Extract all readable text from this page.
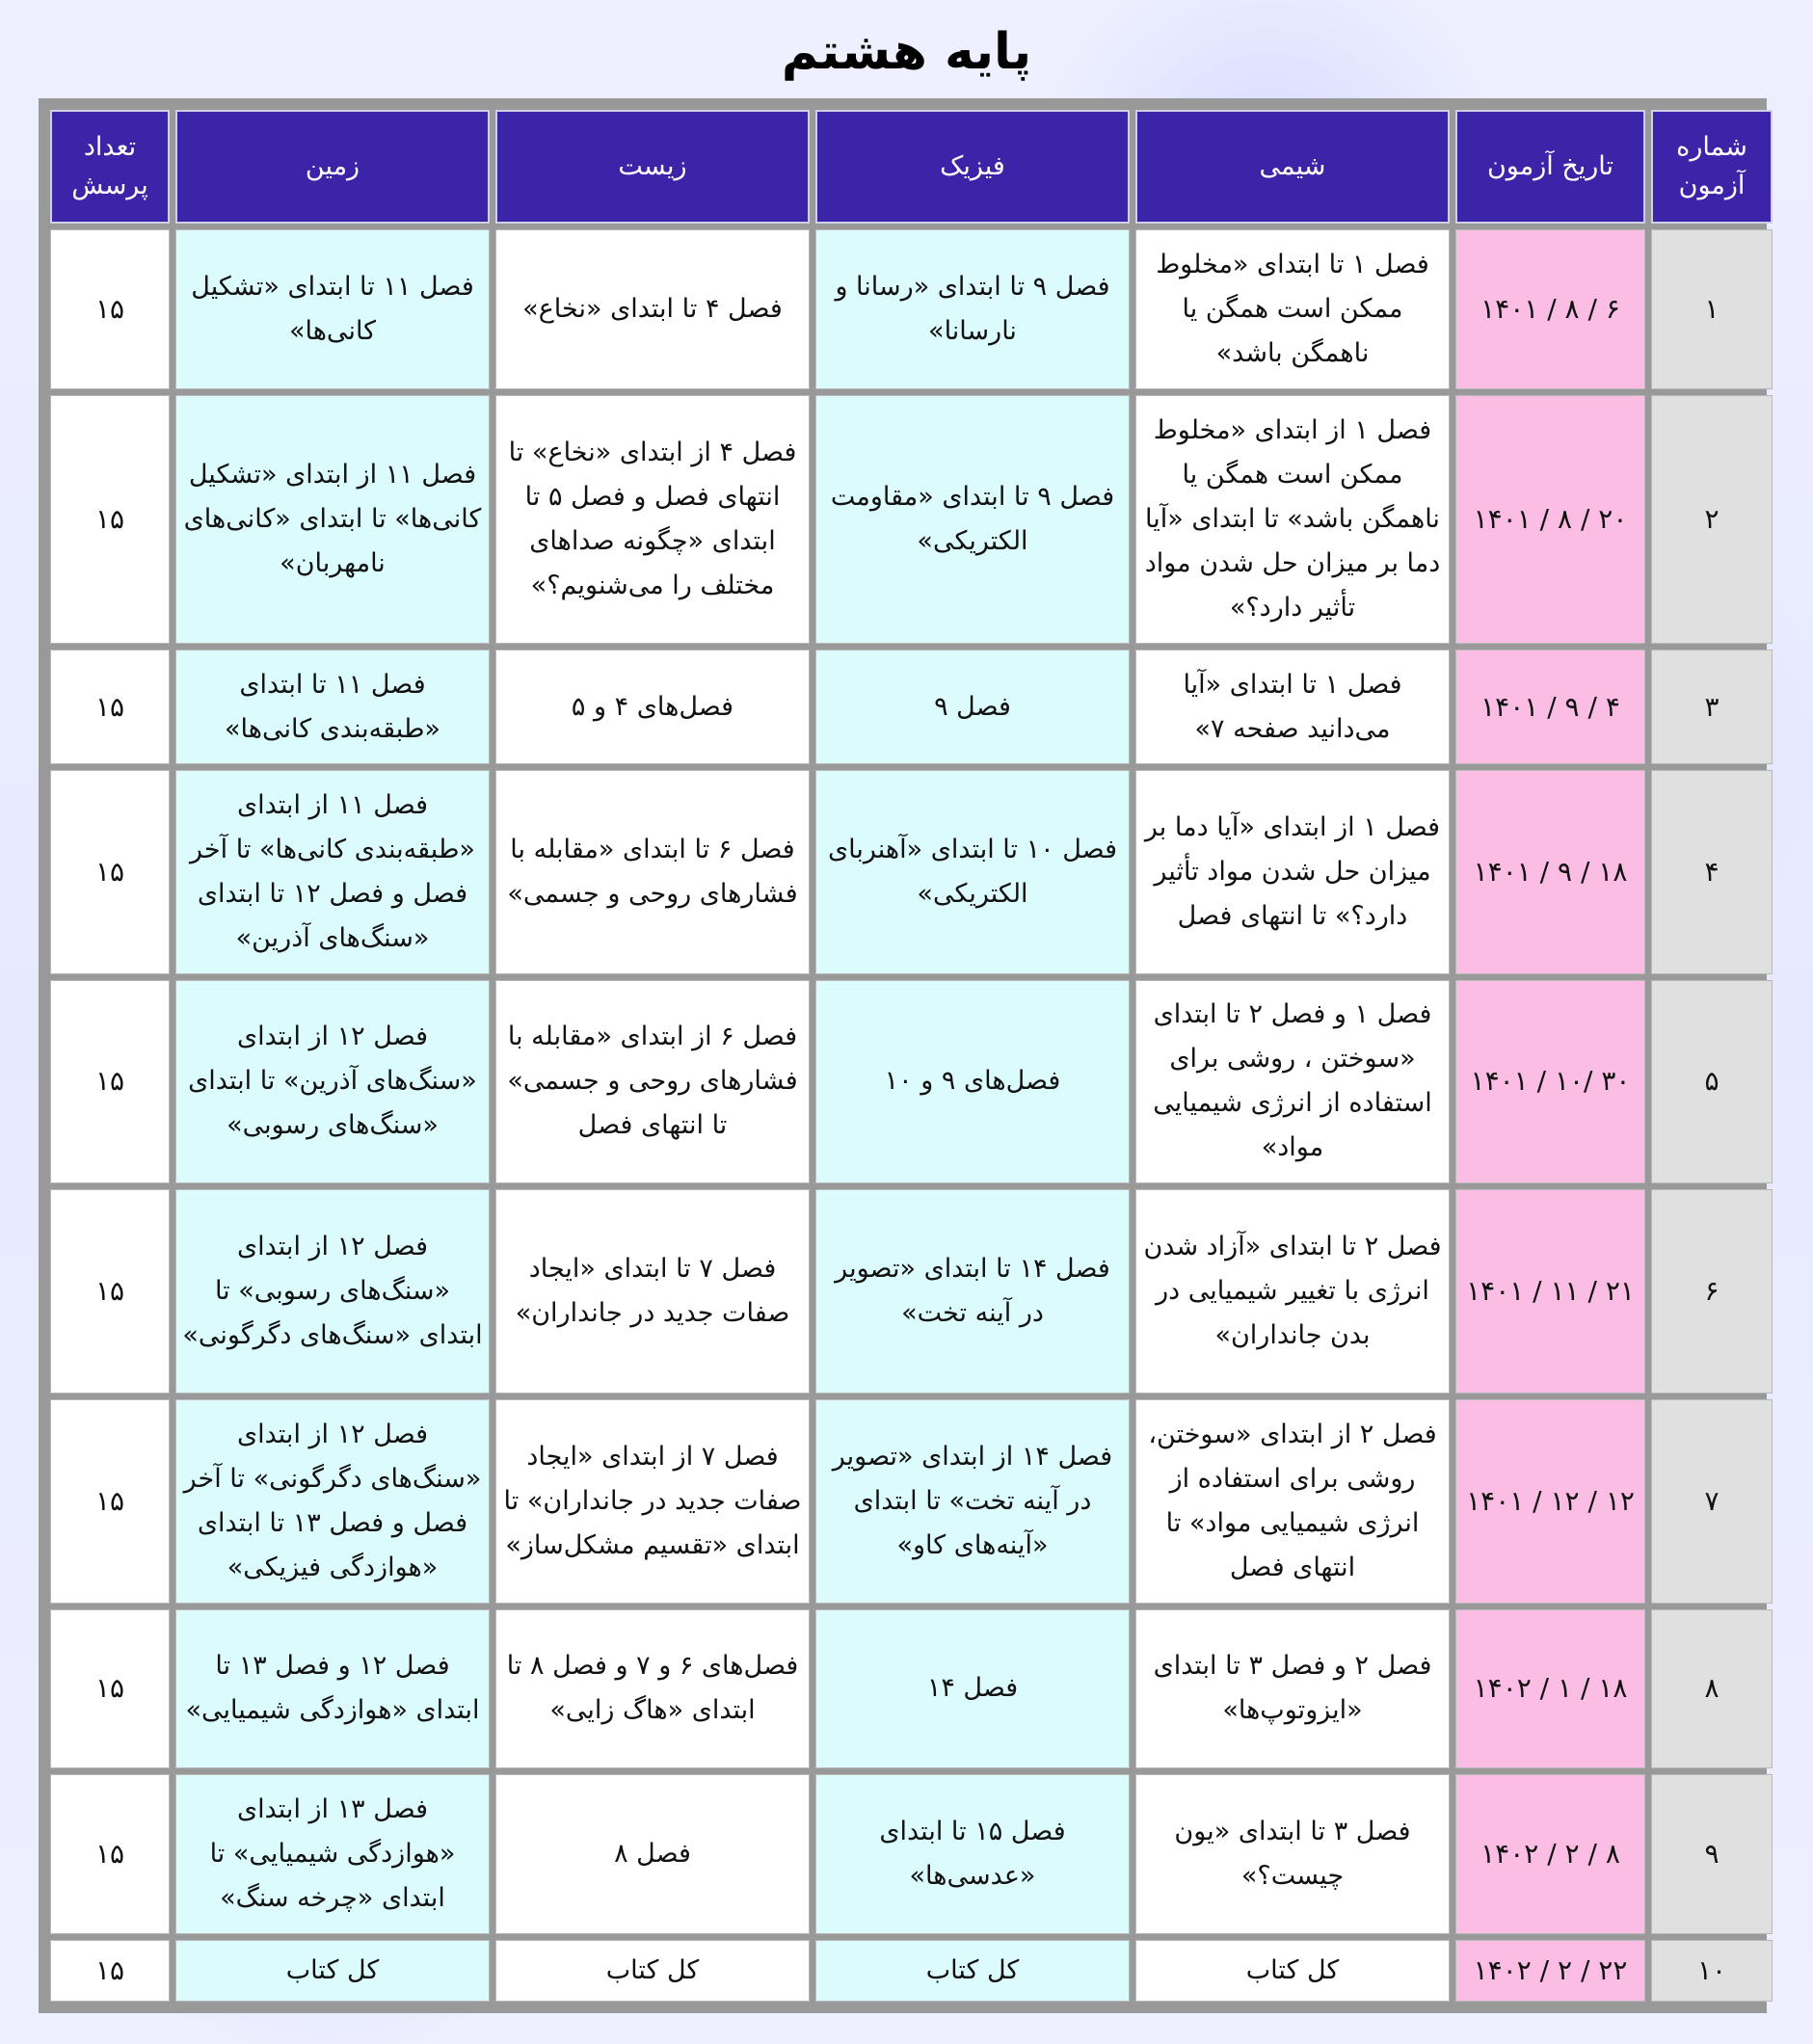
پایه هشتم
شماره آزمون	تاریخ آزمون	شیمی	فیزیک	زیست	زمین	تعداد پرسش
۱	۶ / ۸ / ۱۴۰۱	فصل ۱ تا ابتدای «مخلوط ممکن است همگن یا ناهمگن باشد»	فصل ۹ تا ابتدای «رسانا و نارسانا»	فصل ۴ تا ابتدای «نخاع»	فصل ۱۱ تا ابتدای «تشکیل کانی‌ها»	۱۵
۲	۲۰ / ۸ / ۱۴۰۱	فصل ۱ از ابتدای «مخلوط ممکن است همگن یا ناهمگن باشد» تا ابتدای «آیا دما بر میزان حل شدن مواد تأثیر دارد؟»	فصل ۹ تا ابتدای «مقاومت الکتریکی»	فصل ۴ از ابتدای «نخاع» تا انتهای فصل و فصل ۵ تا ابتدای «چگونه صداهای مختلف را می‌شنویم؟»	فصل ۱۱ از ابتدای «تشکیل کانی‌ها» تا ابتدای «کانی‌های نامهربان»	۱۵
۳	۴ / ۹ / ۱۴۰۱	فصل ۱ تا ابتدای «آیا می‌دانید صفحه ۷»	فصل ۹	فصل‌های ۴ و ۵	فصل ۱۱ تا ابتدای «طبقه‌بندی کانی‌ها»	۱۵
۴	۱۸ / ۹ / ۱۴۰۱	فصل ۱ از ابتدای «آیا دما بر میزان حل شدن مواد تأثیر دارد؟» تا انتهای فصل	فصل ۱۰ تا ابتدای «آهنربای الکتریکی»	فصل ۶ تا ابتدای «مقابله با فشارهای روحی و جسمی»	فصل ۱۱ از ابتدای «طبقه‌بندی کانی‌ها» تا آخر فصل و فصل ۱۲ تا ابتدای «سنگ‌های آذرین»	۱۵
۵	۳۰ /۱۰ / ۱۴۰۱	فصل ۱ و فصل ۲ تا ابتدای «سوختن ، روشی برای استفاده از انرژی شیمیایی مواد»	فصل‌های ۹ و ۱۰	فصل ۶ از ابتدای «مقابله با فشارهای روحی و جسمی» تا انتهای فصل	فصل ۱۲ از ابتدای «سنگ‌های آذرین» تا ابتدای «سنگ‌های رسوبی»	۱۵
۶	۲۱ / ۱۱ / ۱۴۰۱	فصل ۲ تا ابتدای «آزاد شدن انرژی با تغییر شیمیایی در بدن جانداران»	فصل ۱۴ تا ابتدای «تصویر در آینه تخت»	فصل ۷ تا ابتدای «ایجاد صفات جدید در جانداران»	فصل ۱۲ از ابتدای «سنگ‌های رسوبی» تا ابتدای «سنگ‌های دگرگونی»	۱۵
۷	۱۲ / ۱۲ / ۱۴۰۱	فصل ۲ از ابتدای «سوختن، روشی برای استفاده از انرژی شیمیایی مواد» تا انتهای فصل	فصل ۱۴ از ابتدای «تصویر در آینه تخت» تا ابتدای «آینه‌های کاو»	فصل ۷ از ابتدای «ایجاد صفات جدید در جانداران» تا ابتدای «تقسیم مشکل‌ساز»	فصل ۱۲ از ابتدای «سنگ‌های دگرگونی» تا آخر فصل و فصل ۱۳ تا ابتدای «هوازدگی فیزیکی»	۱۵
۸	۱۸ / ۱ / ۱۴۰۲	فصل ۲ و فصل ۳ تا ابتدای «ایزوتوپ‌ها»	فصل ۱۴	فصل‌های ۶ و ۷ و فصل ۸ تا ابتدای «هاگ زایی»	فصل ۱۲ و فصل ۱۳ تا ابتدای «هوازدگی شیمیایی»	۱۵
۹	۸ / ۲ / ۱۴۰۲	فصل ۳ تا ابتدای «یون چیست؟»	فصل ۱۵ تا ابتدای «عدسی‌ها»	فصل ۸	فصل ۱۳ از ابتدای «هوازدگی شیمیایی» تا ابتدای «چرخه سنگ»	۱۵
۱۰	۲۲ / ۲ / ۱۴۰۲	کل کتاب	کل کتاب	کل کتاب	کل کتاب	۱۵
